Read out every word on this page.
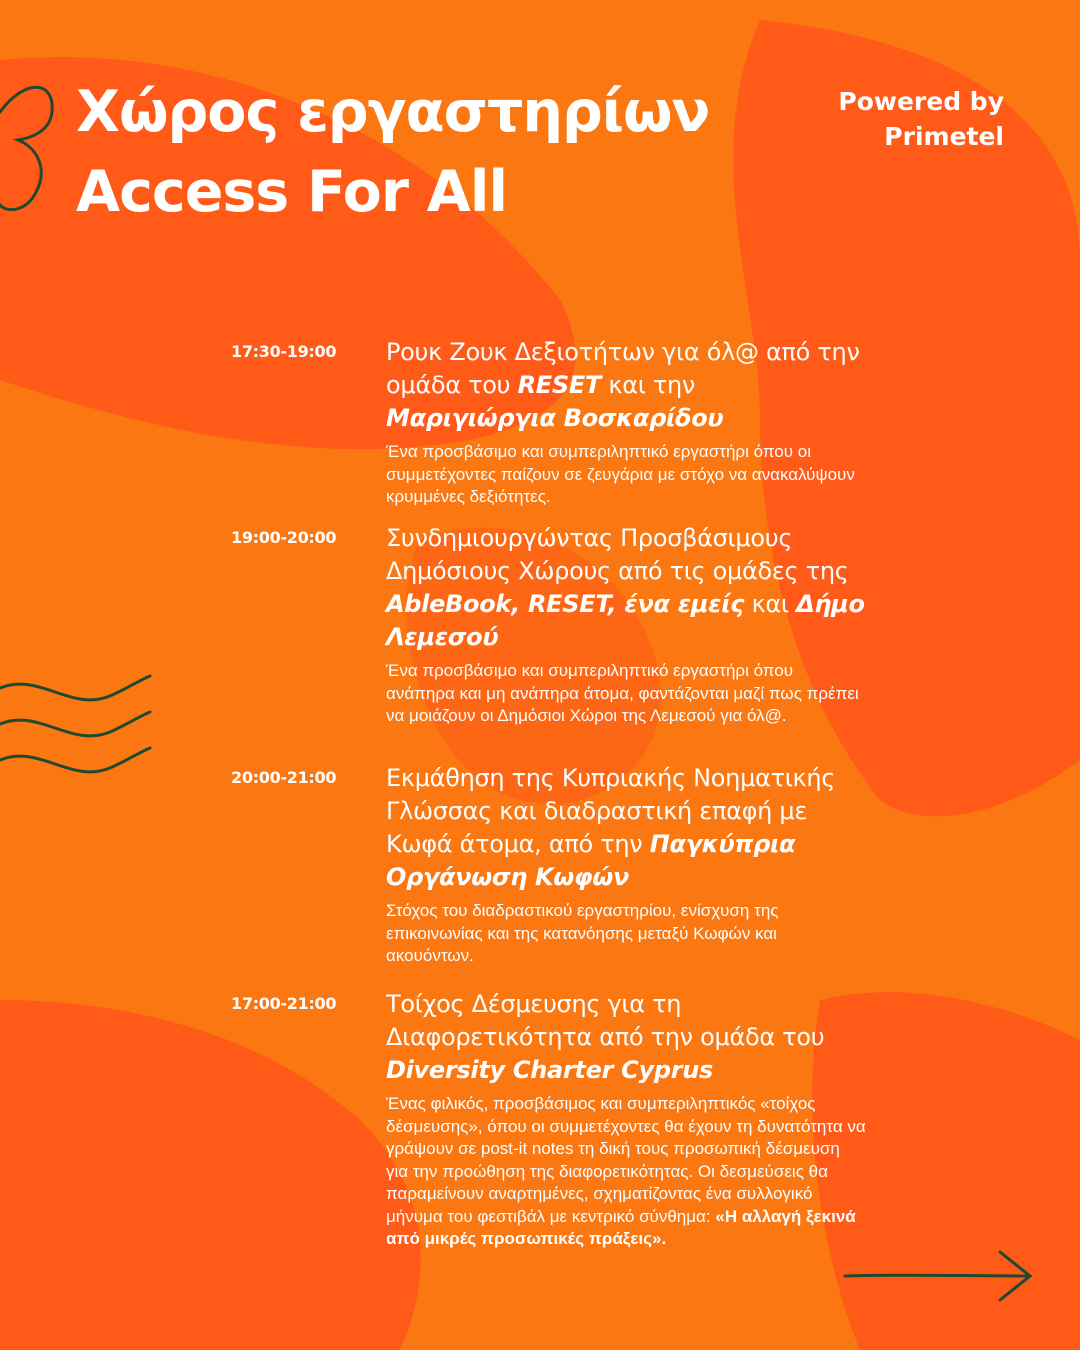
Χώρος εργαστηρίων
Access For All
Powered by
Primetel
17:30-19:00 Ρουκ Ζουκ Δεξιοτήτων για όλ@ από την ομάδα του RESET και την Μαριγιώργια Βοσκαρίδου
Ένα προσβάσιμο και συμπεριληπτικό εργαστήρι όπου οι συμμετέχοντες παίζουν σε ζευγάρια με στόχο να ανακαλύψουν κρυμμένες δεξιότητες.
19:00-20:00 Συνδημιουργώντας Προσβάσιμους Δημόσιους Χώρους από τις ομάδες της AbleBook, RESET, ένα εμείς και Δήμο Λεμεσού
Ένα προσβάσιμο και συμπεριληπτικό εργαστήρι όπου ανάπηρα και μη ανάπηρα άτομα, φαντάζονται μαζί πως πρέπει να μοιάζουν οι Δημόσιοι Χώροι της Λεμεσού για όλ@.
20:00-21:00 Εκμάθηση της Κυπριακής Νοηματικής Γλώσσας και διαδραστική επαφή με Κωφά άτομα, από την Παγκύπρια Οργάνωση Κωφών
Στόχος του διαδραστικού εργαστηρίου, ενίσχυση της επικοινωνίας και της κατανόησης μεταξύ Κωφών και ακουόντων.
17:00-21:00 Τοίχος Δέσμευσης για τη Διαφορετικότητα από την ομάδα του Diversity Charter Cyprus
Ένας φιλικός, προσβάσιμος και συμπεριληπτικός «τοίχος δέσμευσης», όπου οι συμμετέχοντες θα έχουν τη δυνατότητα να γράψουν σε post-it notes τη δική τους προσωπική δέσμευση για την προώθηση της διαφορετικότητας. Οι δεσμεύσεις θα παραμείνουν αναρτημένες, σχηματίζοντας ένα συλλογικό μήνυμα του φεστιβάλ με κεντρικό σύνθημα: «Η αλλαγή ξεκινά από μικρές προσωπικές πράξεις».
